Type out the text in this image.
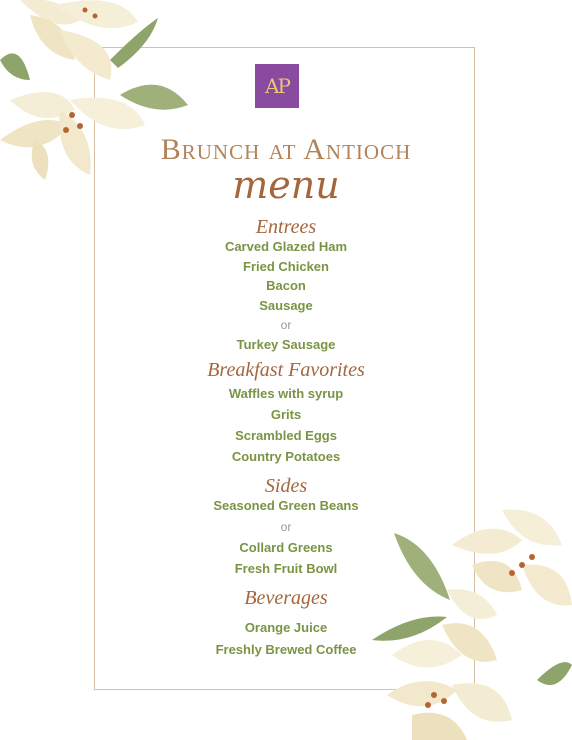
AP
Brunch at Antioch
menu
Entrees
Carved Glazed Ham
Fried Chicken
Bacon
Sausage
or
Turkey Sausage
Breakfast Favorites
Waffles with syrup
Grits
Scrambled Eggs
Country Potatoes
Sides
Seasoned Green Beans
or
Collard Greens
Fresh Fruit Bowl
Beverages
Orange Juice
Freshly Brewed Coffee
